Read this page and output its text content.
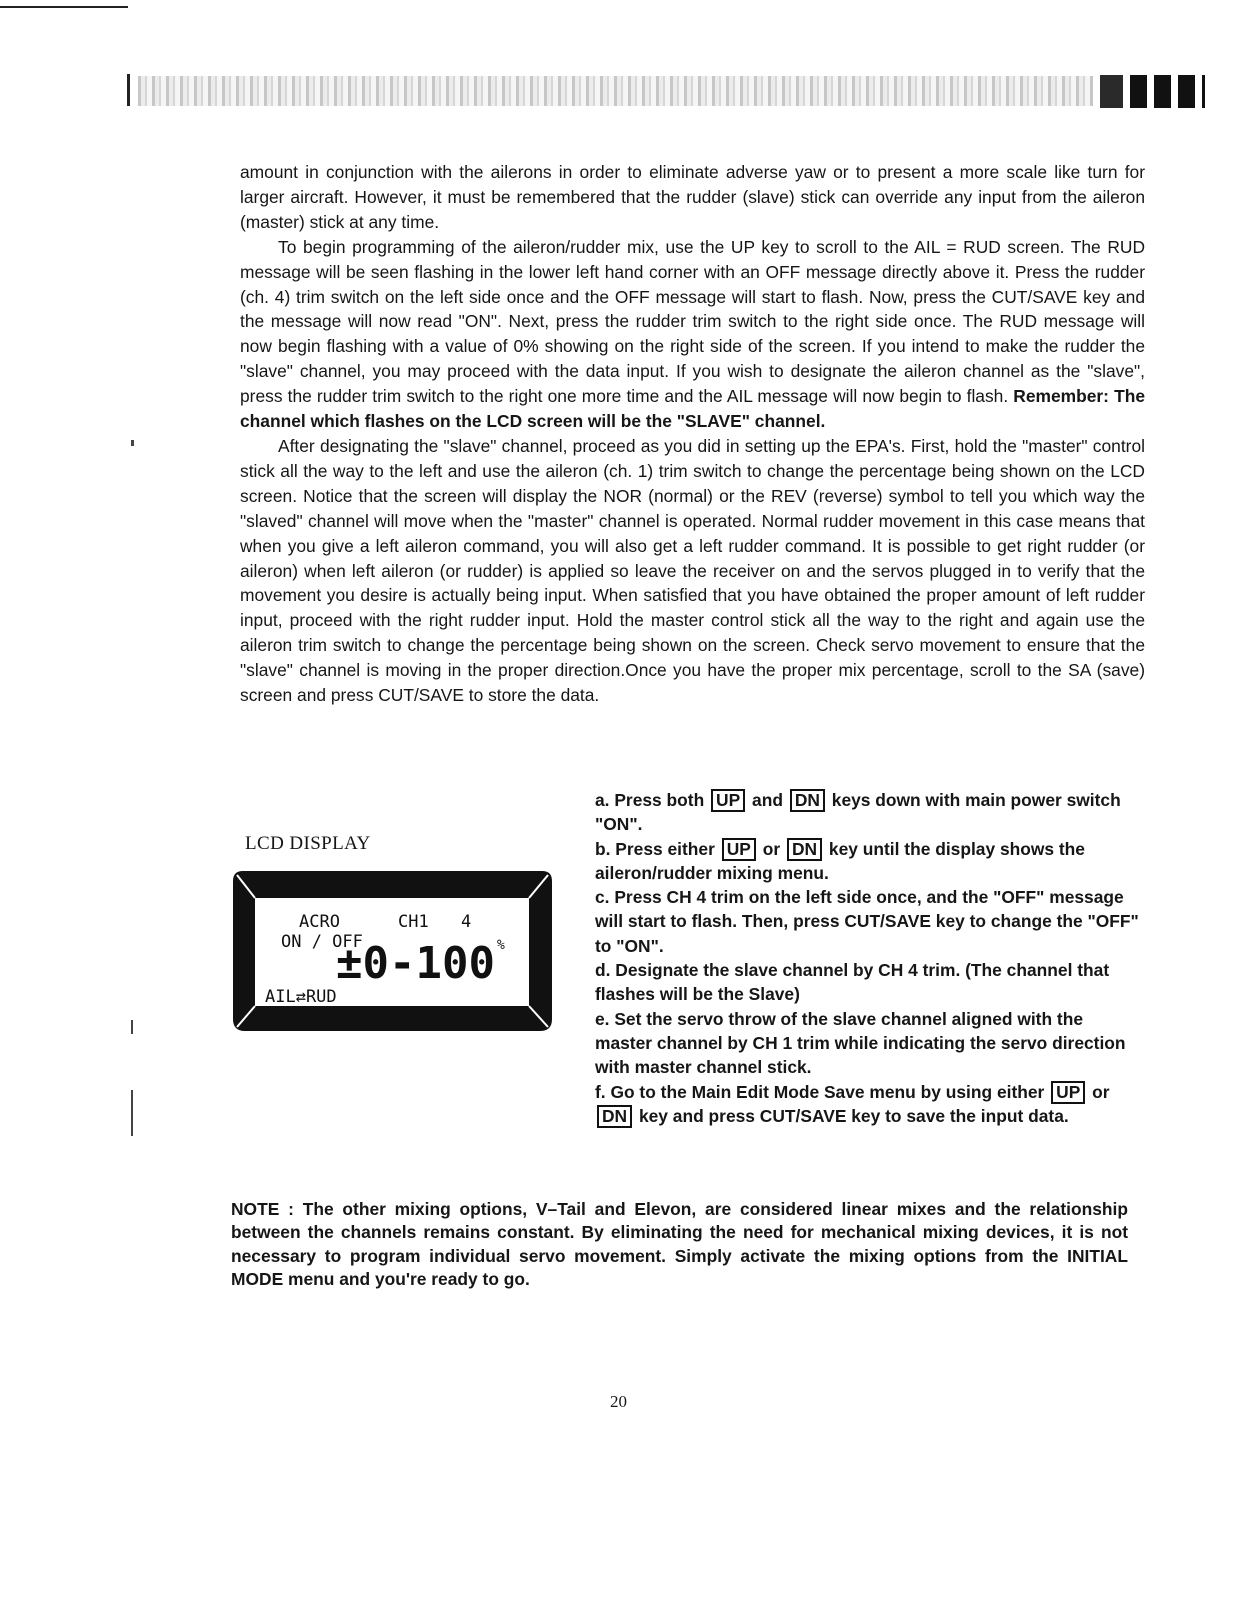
amount in conjunction with the ailerons in order to eliminate adverse yaw or to present a more scale like turn for larger aircraft. However, it must be remembered that the rudder (slave) stick can override any input from the aileron (master) stick at any time.

To begin programming of the aileron/rudder mix, use the UP key to scroll to the AIL = RUD screen. The RUD message will be seen flashing in the lower left hand corner with an OFF message directly above it. Press the rudder (ch. 4) trim switch on the left side once and the OFF message will start to flash. Now, press the CUT/SAVE key and the message will now read "ON". Next, press the rudder trim switch to the right side once. The RUD message will now begin flashing with a value of 0% showing on the right side of the screen. If you intend to make the rudder the "slave" channel, you may proceed with the data input. If you wish to designate the aileron channel as the "slave", press the rudder trim switch to the right one more time and the AIL message will now begin to flash. Remember: The channel which flashes on the LCD screen will be the "SLAVE" channel.

After designating the "slave" channel, proceed as you did in setting up the EPA's. First, hold the "master" control stick all the way to the left and use the aileron (ch. 1) trim switch to change the percentage being shown on the LCD screen. Notice that the screen will display the NOR (normal) or the REV (reverse) symbol to tell you which way the "slaved" channel will move when the "master" channel is operated. Normal rudder movement in this case means that when you give a left aileron command, you will also get a left rudder command. It is possible to get right rudder (or aileron) when left aileron (or rudder) is applied so leave the receiver on and the servos plugged in to verify that the movement you desire is actually being input. When satisfied that you have obtained the proper amount of left rudder input, proceed with the right rudder input. Hold the master control stick all the way to the right and again use the aileron trim switch to change the percentage being shown on the screen. Check servo movement to ensure that the "slave" channel is moving in the proper direction.Once you have the proper mix percentage, scroll to the SA (save) screen and press CUT/SAVE to store the data.

LCD DISPLAY
ACRO	CH1 4
ON / OFF
±0-100 %
AIL⇄RUD

a. Press both UP and DN keys down with main power switch "ON".

b. Press either UP or DN key until the display shows the aileron/rudder mixing menu.

c. Press CH 4 trim on the left side once, and the "OFF" message will start to flash. Then, press CUT/SAVE key to change the "OFF" to "ON".

d. Designate the slave channel by CH 4 trim. (The channel that flashes will be the Slave)

e. Set the servo throw of the slave channel aligned with the master channel by CH 1 trim while indicating the servo direction with master channel stick.

f. Go to the Main Edit Mode Save menu by using either UP or DN key and press CUT/SAVE key to save the input data.

NOTE : The other mixing options, V–Tail and Elevon, are considered linear mixes and the relationship between the channels remains constant. By eliminating the need for mechanical mixing devices, it is not necessary to program individual servo movement. Simply activate the mixing options from the INITIAL MODE menu and you're ready to go.
20
